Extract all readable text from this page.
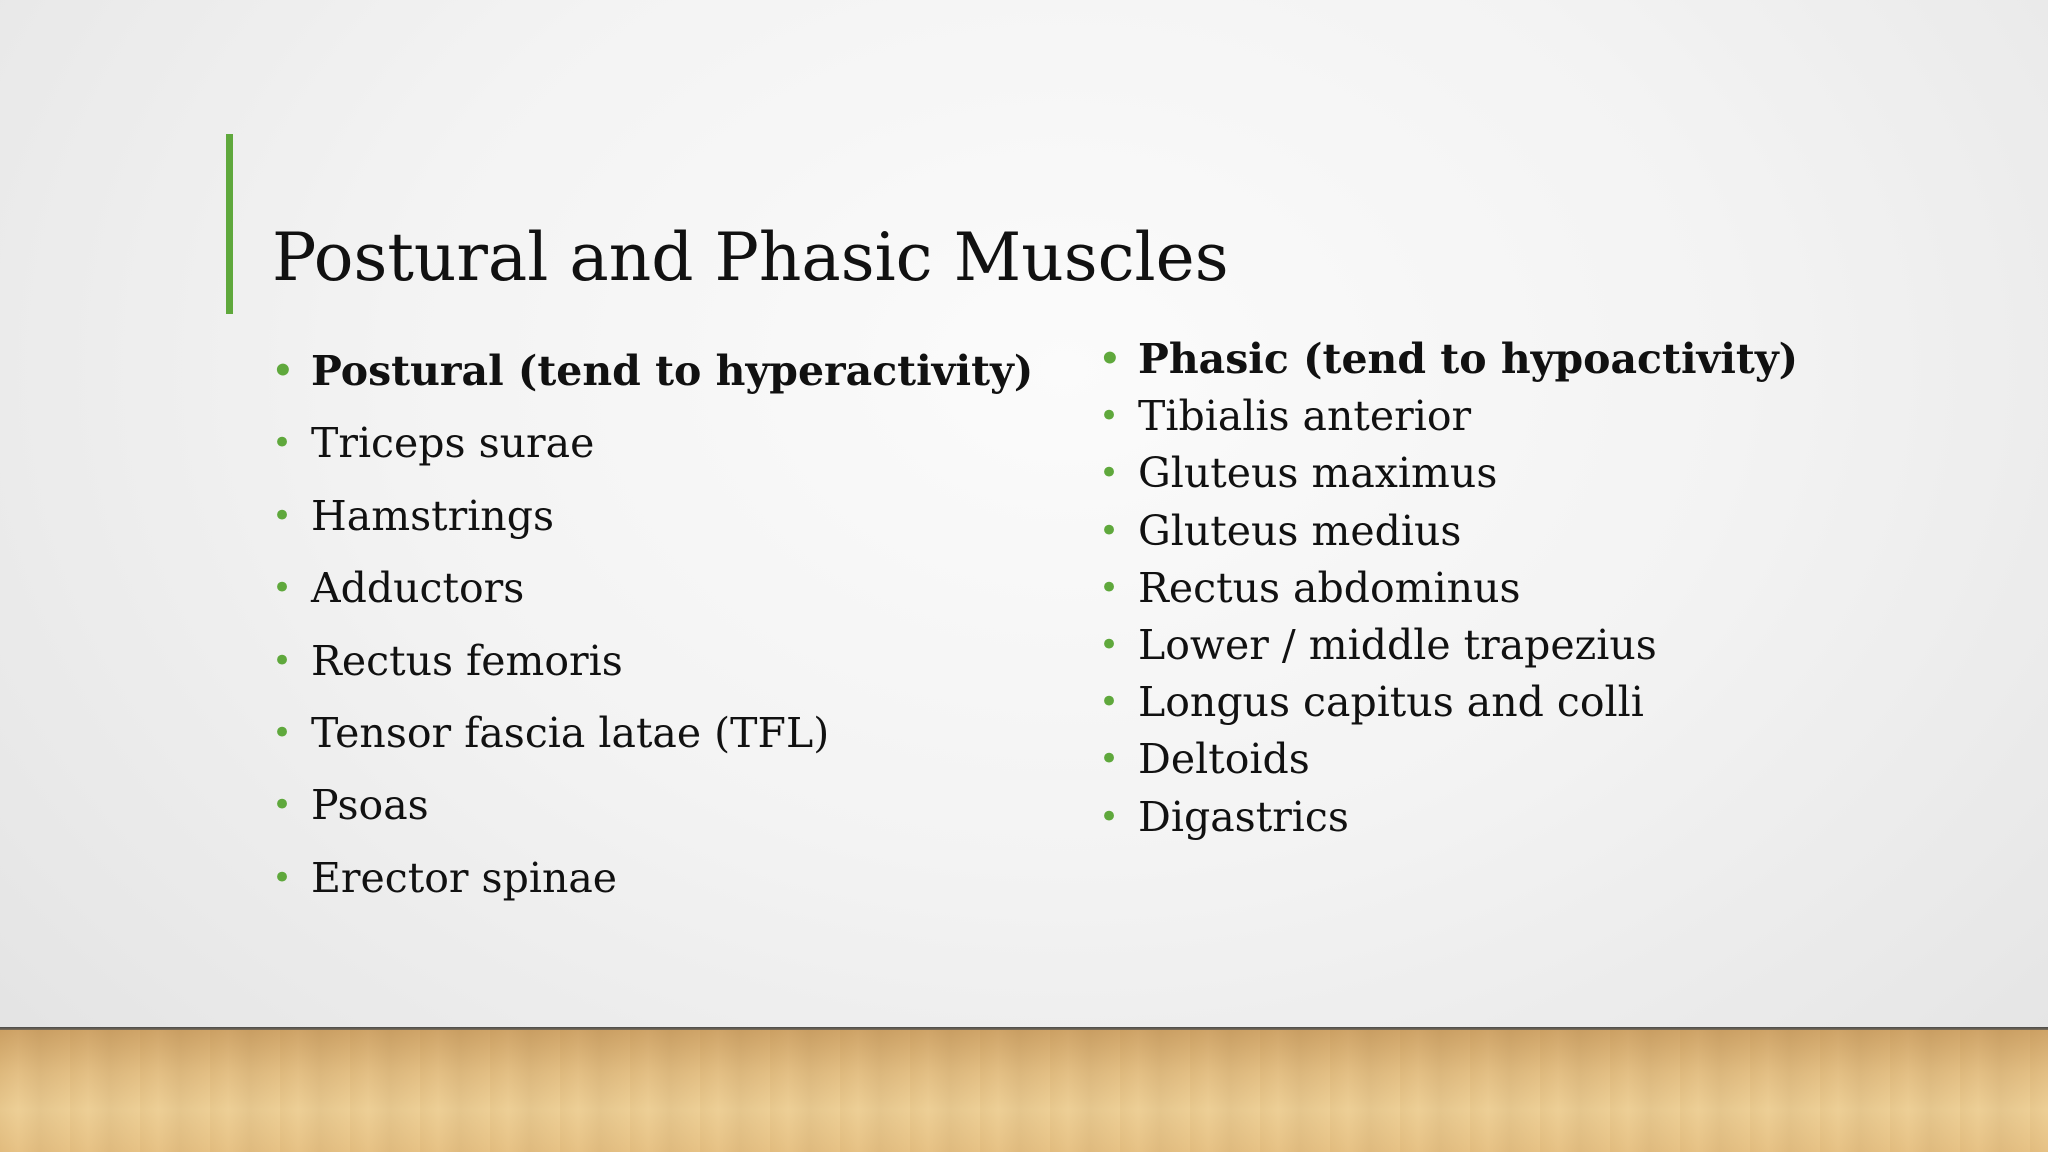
Postural and Phasic Muscles
• Postural (tend to hyperactivity)
• Triceps surae
• Hamstrings
• Adductors
• Rectus femoris
• Tensor fascia latae (TFL)
• Psoas
• Erector spinae
• Phasic (tend to hypoactivity)
• Tibialis anterior
• Gluteus maximus
• Gluteus medius
• Rectus abdominus
• Lower / middle trapezius
• Longus capitus and colli
• Deltoids
• Digastrics
